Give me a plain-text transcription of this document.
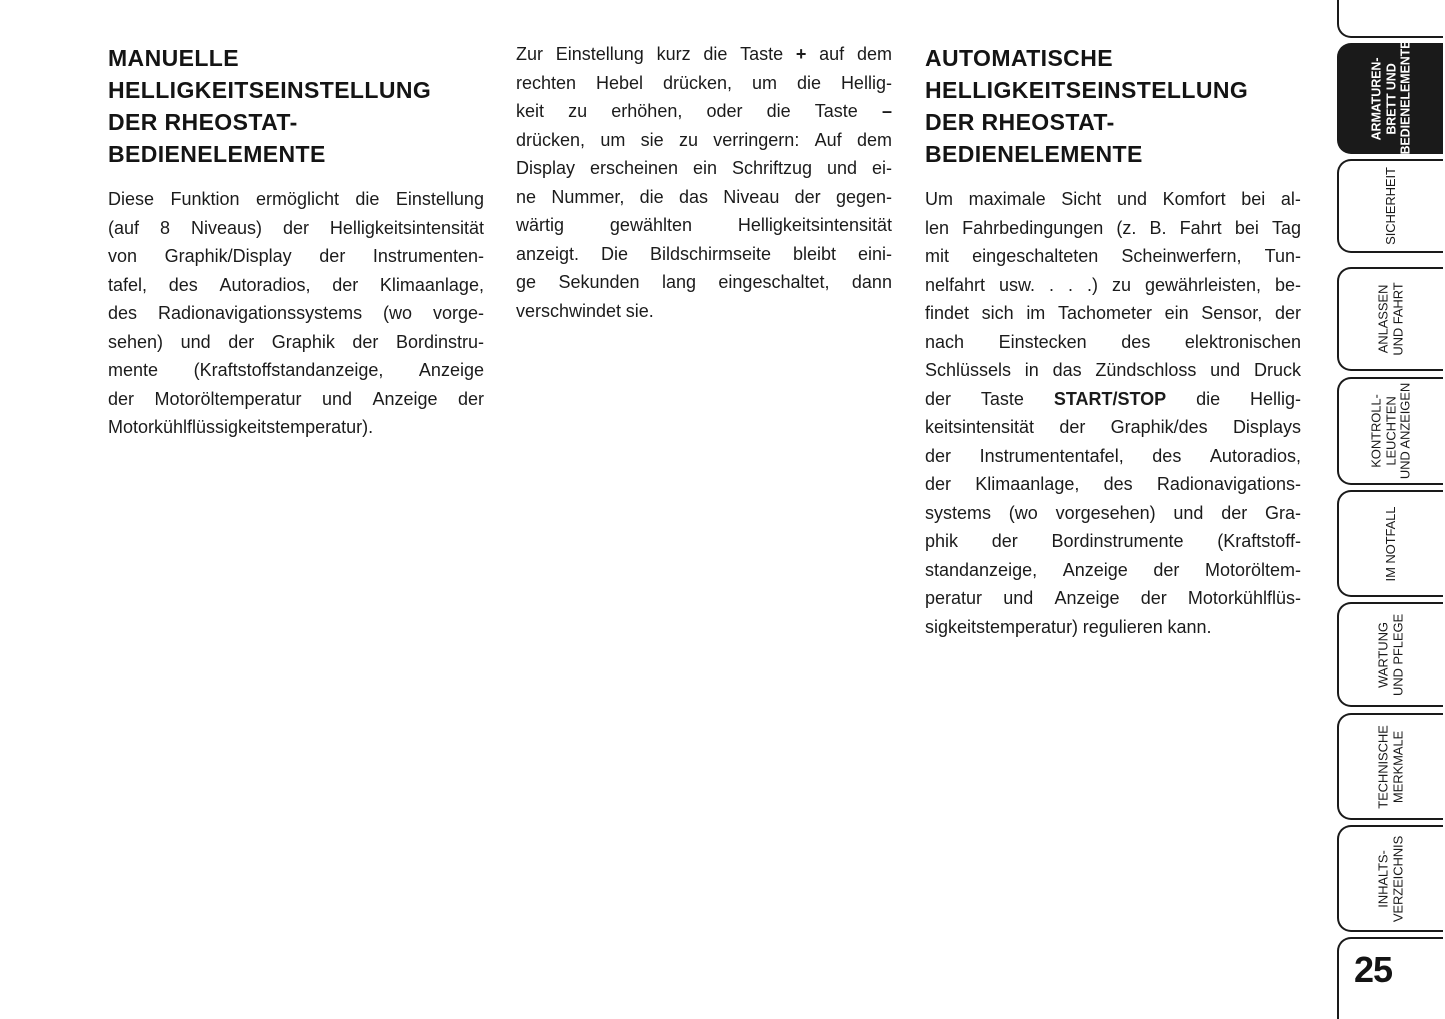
MANUELLE
HELLIGKEITSEINSTELLUNG
DER RHEOSTAT-
BEDIENELEMENTE
Diese Funktion ermöglicht die Einstellung
(auf 8 Niveaus) der Helligkeitsintensität
von Graphik/Display der Instrumenten-
tafel, des Autoradios, der Klimaanlage,
des Radionavigationssystems (wo vorge-
sehen) und der Graphik der Bordinstru-
mente (Kraftstoffstandanzeige, Anzeige
der Motoröltemperatur und Anzeige der
Motorkühlflüssigkeitstemperatur).
Zur Einstellung kurz die Taste + auf dem
rechten Hebel drücken, um die Hellig-
keit zu erhöhen, oder die Taste –
drücken, um sie zu verringern: Auf dem
Display erscheinen ein Schriftzug und ei-
ne Nummer, die das Niveau der gegen-
wärtig	gewählten	Helligkeitsintensität
anzeigt. Die Bildschirmseite bleibt eini-
ge Sekunden lang eingeschaltet, dann
verschwindet sie.
AUTOMATISCHE
HELLIGKEITSEINSTELLUNG
DER RHEOSTAT-
BEDIENELEMENTE
Um maximale Sicht und Komfort bei al-
len Fahrbedingungen (z. B. Fahrt bei Tag
mit eingeschalteten Scheinwerfern, Tun-
nelfahrt usw. . . .) zu gewährleisten, be-
findet sich im Tachometer ein Sensor, der
nach Einstecken des elektronischen
Schlüssels in das Zündschloss und Druck
der Taste START/STOP die Hellig-
keitsintensität der Graphik/des Displays
der Instrumententafel, des Autoradios,
der Klimaanlage, des Radionavigations-
systems (wo vorgesehen) und der Gra-
phik der Bordinstrumente (Kraftstoff-
standanzeige, Anzeige der Motoröltem-
peratur und Anzeige der Motorkühlflüs-
sigkeitstemperatur) regulieren kann.
ARMATUREN- BRETT UND BEDIENELEMENTE
SICHERHEIT
ANLASSEN UND FAHRT
KONTROLL- LEUCHTEN UND ANZEIGEN
IM NOTFALL
WARTUNG UND PFLEGE
TECHNISCHE MERKMALE
INHALTS- VERZEICHNIS
25
